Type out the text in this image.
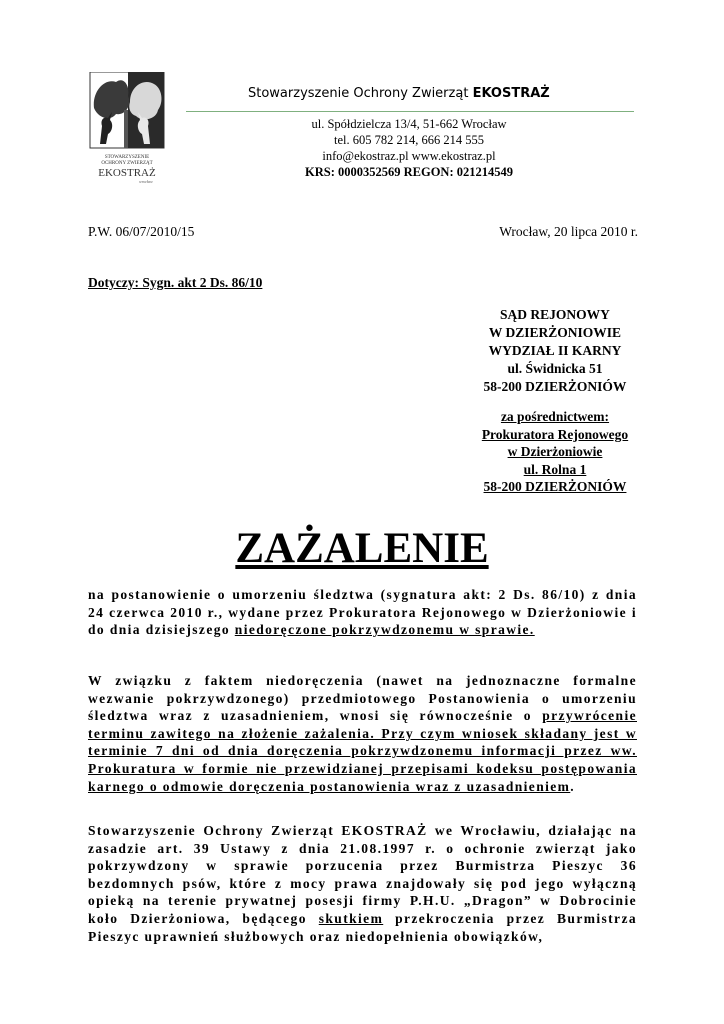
STOWARZYSZENIE
OCHRONY ZWIERZĄT
EKOSTRAŻ
wrocław
Stowarzyszenie Ochrony Zwierząt EKOSTRAŻ
ul. Spółdzielcza 13/4, 51-662 Wrocław
tel. 605 782 214, 666 214 555
info@ekostraz.pl www.ekostraz.pl
KRS: 0000352569 REGON: 021214549
P.W. 06/07/2010/15	Wrocław, 20 lipca 2010 r.
Dotyczy: Sygn. akt 2 Ds. 86/10
SĄD REJONOWY
W DZIERŻONIOWIE
WYDZIAŁ II KARNY
ul. Świdnicka 51
58-200 DZIERŻONIÓW
za pośrednictwem:
Prokuratora Rejonowego
w Dzierżoniowie
ul. Rolna 1
58-200 DZIERŻONIÓW
ZAŻALENIE
na postanowienie o umorzeniu śledztwa (sygnatura akt: 2 Ds. 86/10) z dnia 24 czerwca 2010 r., wydane przez Prokuratora Rejonowego w Dzierżoniowie i do dnia dzisiejszego niedoręczone pokrzywdzonemu w sprawie.
W związku z faktem niedoręczenia (nawet na jednoznaczne formalne wezwanie pokrzywdzonego) przedmiotowego Postanowienia o umorzeniu śledztwa wraz z uzasadnieniem, wnosi się równocześnie o przywrócenie terminu zawitego na złożenie zażalenia. Przy czym wniosek składany jest w terminie 7 dni od dnia doręczenia pokrzywdzonemu informacji przez ww. Prokuratura w formie nie przewidzianej przepisami kodeksu postępowania karnego o odmowie doręczenia postanowienia wraz z uzasadnieniem.
Stowarzyszenie Ochrony Zwierząt EKOSTRAŻ we Wrocławiu, działając na zasadzie art. 39 Ustawy z dnia 21.08.1997 r. o ochronie zwierząt jako pokrzywdzony w sprawie porzucenia przez Burmistrza Pieszyc 36 bezdomnych psów, które z mocy prawa znajdowały się pod jego wyłączną opieką na terenie prywatnej posesji firmy P.H.U. „Dragon” w Dobrocinie koło Dzierżoniowa, będącego skutkiem przekroczenia przez Burmistrza Pieszyc uprawnień służbowych oraz niedopełnienia obowiązków,
